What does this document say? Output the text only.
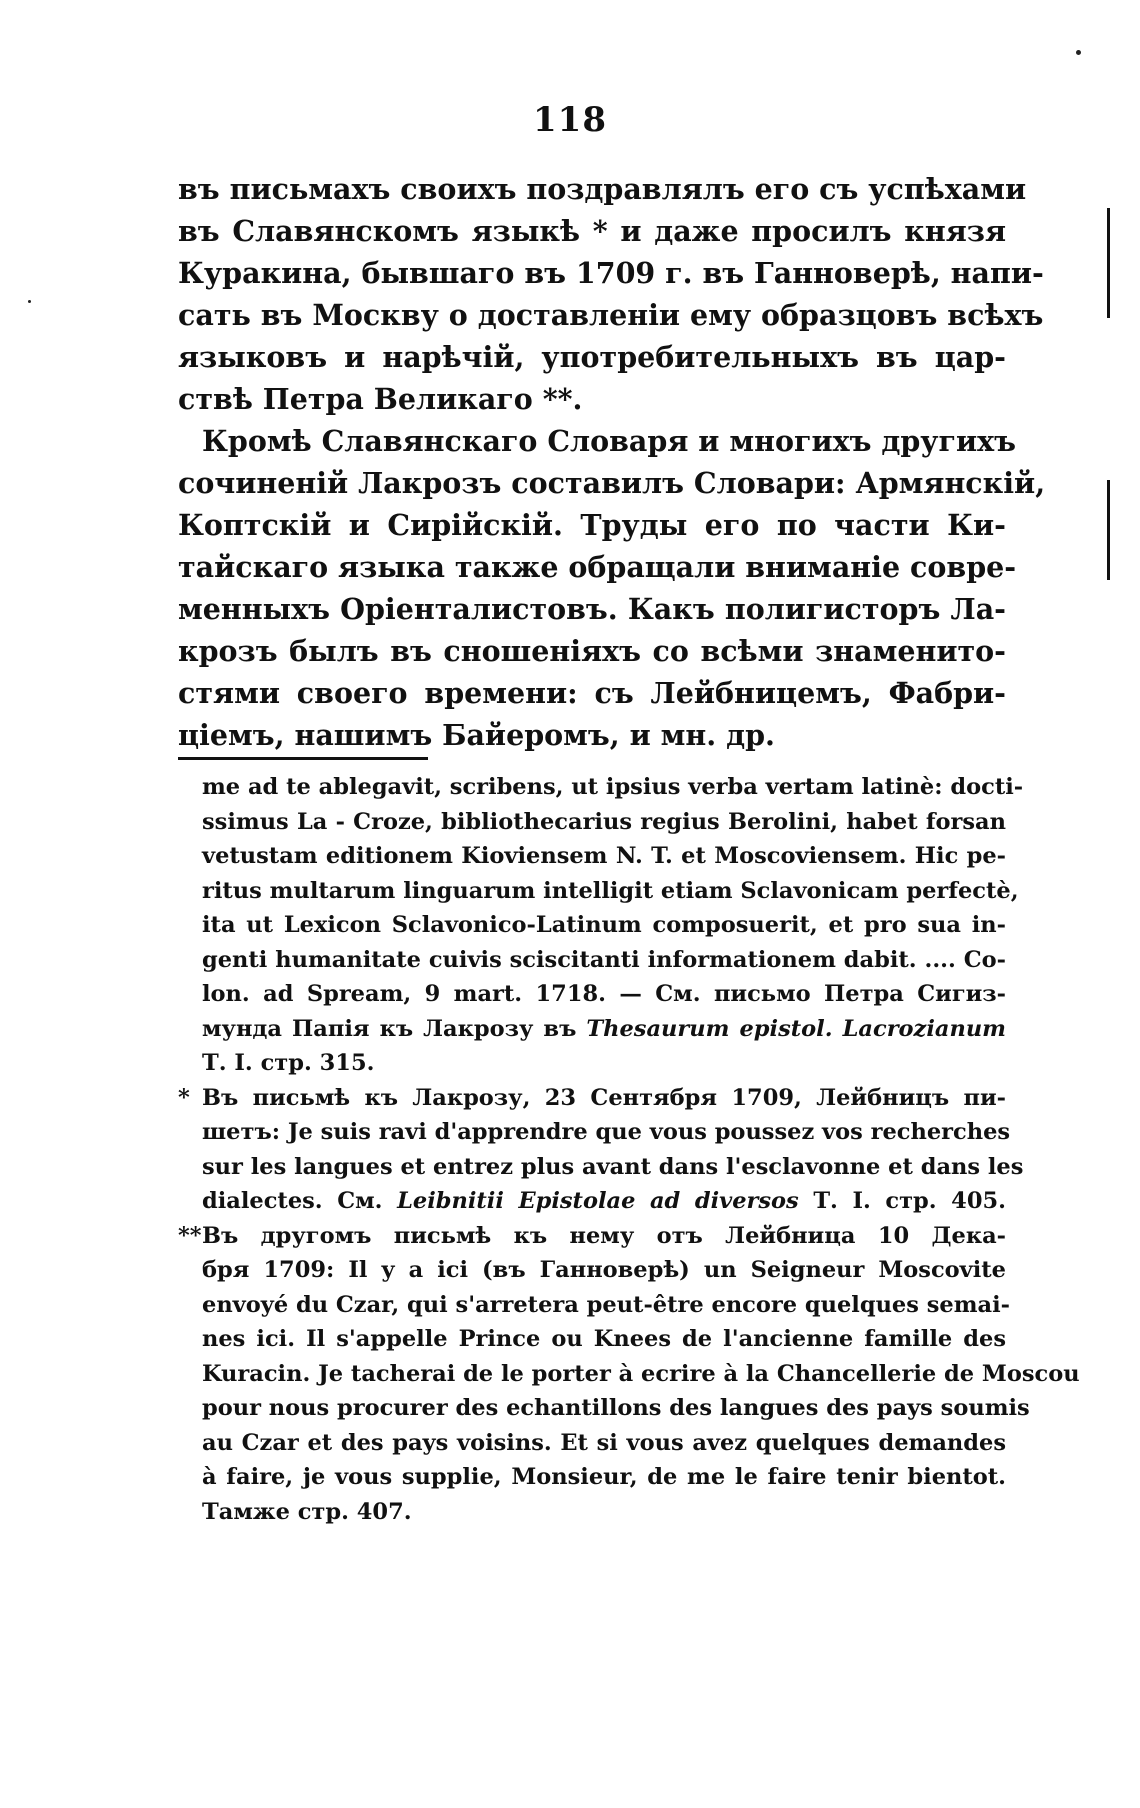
118
въ письмахъ своихъ поздравлялъ его съ успѣхами
въ Славянскомъ языкѣ * и даже просилъ князя
Куракина, бывшаго въ 1709 г. въ Ганноверѣ, напи-
сать въ Москву о доставленіи ему образцовъ всѣхъ
языковъ и нарѣчій, употребительныхъ въ цар-
ствѣ Петра Великаго **.
Кромѣ Славянскаго Словаря и многихъ другихъ
сочиненій Лакрозъ составилъ Словари: Армянскій,
Коптскій и Сирійскій. Труды его по части Ки-
тайскаго языка также обращали вниманіе совре-
менныхъ Оріенталистовъ. Какъ полигисторъ Ла-
крозъ былъ въ сношеніяхъ со всѣми знаменито-
стями своего времени: съ Лейбницемъ, Фабри-
ціемъ, нашимъ Байеромъ, и мн. др.
me ad te ablegavit, scribens, ut ipsius verba vertam latinè: docti-
ssimus La - Croze, bibliothecarius regius Berolini, habet forsan
vetustam editionem Kioviensem N. T. et Moscoviensem. Hic pe-
ritus multarum linguarum intelligit etiam Sclavonicam perfectè,
ita ut Lexicon Sclavonico-Latinum composuerit, et pro sua in-
genti humanitate cuivis sciscitanti informationem dabit. .... Co-
lon. ad Spream, 9 mart. 1718. — См. письмо Петра Сигиз-
мунда Папія къ Лакрозу въ Thesaurum epistol. Lacrozianum
Т. I. стр. 315.
* Въ письмѣ къ Лакрозу, 23 Сентября 1709, Лейбницъ пи-
шетъ: Je suis ravi d'apprendre que vous poussez vos recherches
sur les langues et entrez plus avant dans l'esclavonne et dans les
dialectes. См. Leibnitii Epistolae ad diversos Т. I. стр. 405.
**Въ другомъ письмѣ къ нему отъ Лейбница 10 Дека-
бря 1709: Il y a ici (въ Ганноверѣ) un Seigneur Moscovite
envoyé du Czar, qui s'arretera peut-être encore quelques semai-
nes ici. Il s'appelle Prince ou Knees de l'ancienne famille des
Kuracin. Je tacherai de le porter à ecrire à la Chancellerie de Moscou
pour nous procurer des echantillons des langues des pays soumis
au Czar et des pays voisins. Et si vous avez quelques demandes
à faire, je vous supplie, Monsieur, de me le faire tenir bientot.
Тамже стр. 407.
